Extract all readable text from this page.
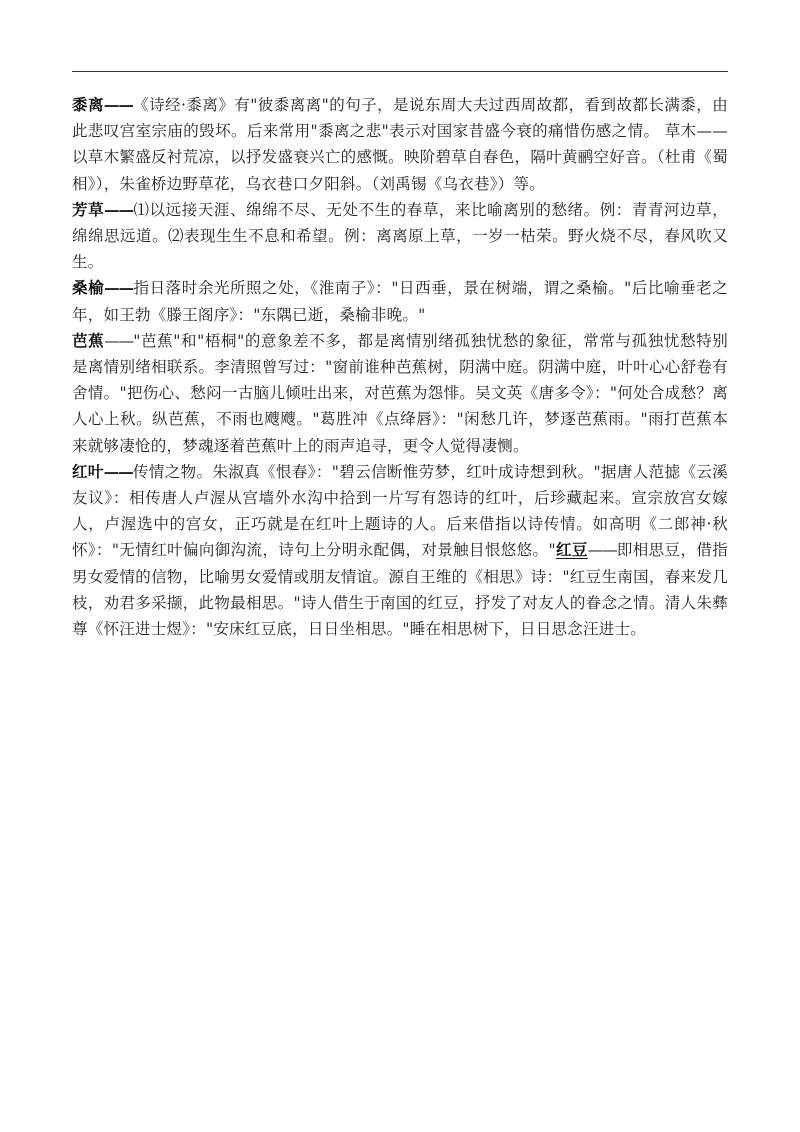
黍离——《诗经·黍离》有"彼黍离离"的句子，是说东周大夫过西周故都，看到故都长满黍，由此悲叹宫室宗庙的毁坏。后来常用"黍离之悲"表示对国家昔盛今衰的痛惜伤感之情。 草木——以草木繁盛反衬荒凉，以抒发盛衰兴亡的感慨。映阶碧草自春色，隔叶黄鹂空好音。（杜甫《蜀相》），朱雀桥边野草花，乌衣巷口夕阳斜。（刘禹锡《乌衣巷》）等。

芳草——⑴以远接天涯、绵绵不尽、无处不生的春草，来比喻离别的愁绪。例：青青河边草，绵绵思远道。⑵表现生生不息和希望。例：离离原上草，一岁一枯荣。野火烧不尽，春风吹又生。

桑榆——指日落时余光所照之处，《淮南子》："日西垂，景在树端，谓之桑榆。"后比喻垂老之年，如王勃《滕王阁序》："东隅已逝，桑榆非晚。"

芭蕉——"芭蕉"和"梧桐"的意象差不多，都是离情别绪孤独忧愁的象征，常常与孤独忧愁特别是离情别绪相联系。李清照曾写过："窗前谁种芭蕉树，阴满中庭。阴满中庭，叶叶心心舒卷有舍情。"把伤心、愁闷一古脑儿倾吐出来，对芭蕉为怨悱。吴文英《唐多令》："何处合成愁？离人心上秋。纵芭蕉，不雨也飕飕。"葛胜冲《点绛唇》："闲愁几许，梦逐芭蕉雨。"雨打芭蕉本来就够凄怆的，梦魂逐着芭蕉叶上的雨声追寻，更令人觉得凄恻。

红叶——传情之物。朱淑真《恨春》："碧云信断惟劳梦，红叶成诗想到秋。"据唐人范摅《云溪友议》：相传唐人卢渥从宫墙外水沟中拾到一片写有怨诗的红叶，后珍藏起来。宣宗放宫女嫁人，卢渥选中的宫女，正巧就是在红叶上题诗的人。后来借指以诗传情。如高明《二郎神·秋怀》："无情红叶偏向御沟流，诗句上分明永配偶，对景触目恨悠悠。"红豆——即相思豆，借指男女爱情的信物，比喻男女爱情或朋友情谊。源自王维的《相思》诗："红豆生南国，春来发几枝，劝君多采撷，此物最相思。"诗人借生于南国的红豆，抒发了对友人的眷念之情。清人朱彝尊《怀汪进士煜》："安床红豆底，日日坐相思。"睡在相思树下，日日思念汪进士。
